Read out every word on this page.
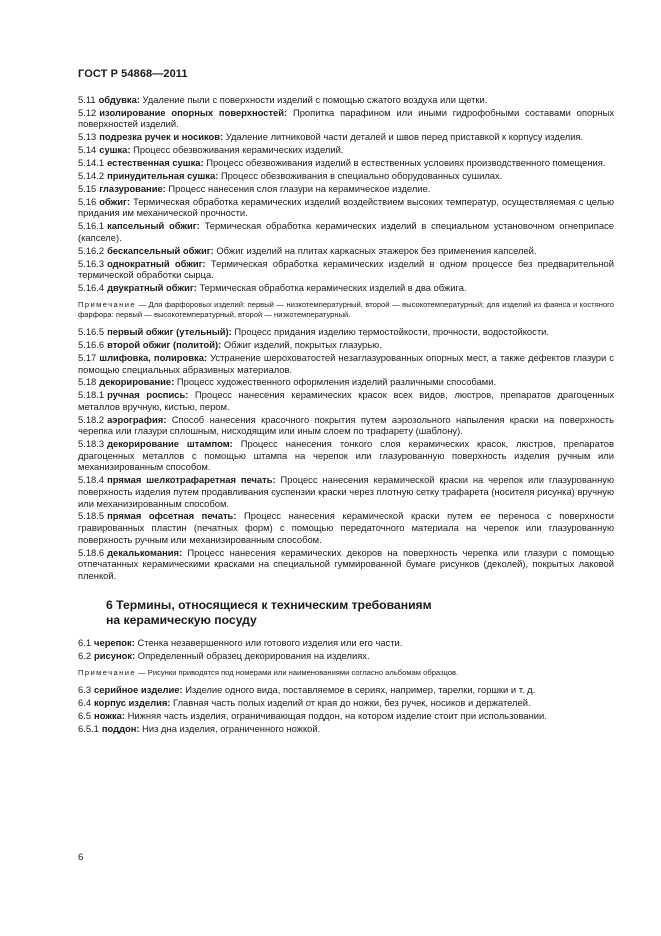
ГОСТ Р 54868—2011

5.11 обдувка: Удаление пыли с поверхности изделий с помощью сжатого воздуха или щетки.

5.12 изолирование опорных поверхностей: Пропитка парафином или иными гидрофобными составами опорных поверхностей изделий.

5.13 подрезка ручек и носиков: Удаление литниковой части деталей и швов перед приставкой к корпусу изделия.

5.14 сушка: Процесс обезвоживания керамических изделий.

5.14.1 естественная сушка: Процесс обезвоживания изделий в естественных условиях производственного помещения.

5.14.2 принудительная сушка: Процесс обезвоживания в специально оборудованных сушилах.

5.15 глазурование: Процесс нанесения слоя глазури на керамическое изделие.

5.16 обжиг: Термическая обработка керамических изделий воздействием высоких температур, осуществляемая с целью придания им механической прочности.

5.16.1 капсельный обжиг: Термическая обработка керамических изделий в специальном установочном огнеприпасе (капселе).

5.16.2 бескапсельный обжиг: Обжиг изделий на плитах каркасных этажерок без применения капселей.

5.16.3 однократный обжиг: Термическая обработка керамических изделий в одном процессе без предварительной термической обработки сырца.

5.16.4 двукратный обжиг: Термическая обработка керамических изделий в два обжига.

Примечание — Для фарфоровых изделий: первый — низкотемпературный, второй — высокотемпературный; для изделий из фаянса и костяного фарфора: первый — высокотемпературный, второй — низкотемпературный.

5.16.5 первый обжиг (утельный): Процесс придания изделию термостойкости, прочности, водостойкости.

5.16.6 второй обжиг (политой): Обжиг изделий, покрытых глазурью.

5.17 шлифовка, полировка: Устранение шероховатостей незаглазурованных опорных мест, а также дефектов глазури с помощью специальных абразивных материалов.

5.18 декорирование: Процесс художественного оформления изделий различными способами.

5.18.1 ручная роспись: Процесс нанесения керамических красок всех видов, люстров, препаратов драгоценных металлов вручную, кистью, пером.

5.18.2 аэрография: Способ нанесения красочного покрытия путем аэрозольного напыления краски на поверхность черепка или глазури сплошным, нисходящим или иным слоем по трафарету (шаблону).

5.18.3 декорирование штампом: Процесс нанесения тонкого слоя керамических красок, люстров, препаратов драгоценных металлов с помощью штампа на черепок или глазурованную поверхность изделия ручным или механизированным способом.

5.18.4 прямая шелкотрафаретная печать: Процесс нанесения керамической краски на черепок или глазурованную поверхность изделия путем продавливания суспензии краски через плотную сетку трафарета (носителя рисунка) вручную или механизированным способом.

5.18.5 прямая офсетная печать: Процесс нанесения керамической краски путем ее переноса с поверхности гравированных пластин (печатных форм) с помощью передаточного материала на черепок или глазурованную поверхность ручным или механизированным способом.

5.18.6 декалькомания: Процесс нанесения керамических декоров на поверхность черепка или глазури с помощью отпечатанных керамическими красками на специальной гуммированной бумаге рисунков (деколей), покрытых лаковой пленкой.

6 Термины, относящиеся к техническим требованиям
на керамическую посуду

6.1 черепок: Стенка незавершенного или готового изделия или его части.

6.2 рисунок: Определенный образец декорирования на изделиях.

Примечание — Рисунки приводятся под номерами или наименованиями согласно альбомам образцов.

6.3 серийное изделие: Изделие одного вида, поставляемое в сериях, например, тарелки, горшки и т. д.

6.4 корпус изделия: Главная часть полых изделий от края до ножки, без ручек, носиков и держателей.

6.5 ножка: Нижняя часть изделия, ограничивающая поддон, на котором изделие стоит при использовании.

6.5.1 поддон: Низ дна изделия, ограниченного ножкой.

6
